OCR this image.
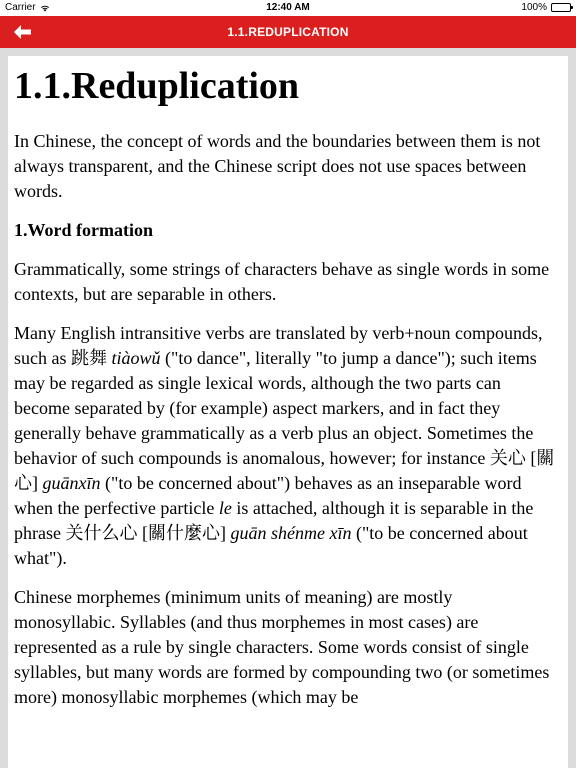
Carrier	12:40 AM	100%
1.1.REDUPLICATION
1.1.Reduplication

In Chinese, the concept of words and the boundaries between them is not always transparent, and the Chinese script does not use spaces between words.

1.Word formation

Grammatically, some strings of characters behave as single words in some contexts, but are separable in others.

Many English intransitive verbs are translated by verb+noun compounds, such as 跳舞 tiàowǔ ("to dance", literally "to jump a dance"); such items may be regarded as single lexical words, although the two parts can become separated by (for example) aspect markers, and in fact they generally behave grammatically as a verb plus an object. Sometimes the behavior of such compounds is anomalous, however; for instance 关心 [關心] guānxīn ("to be concerned about") behaves as an inseparable word when the perfective particle le is attached, although it is separable in the phrase 关什么心 [關什麼心] guān shénme xīn ("to be concerned about what").

Chinese morphemes (minimum units of meaning) are mostly monosyllabic. Syllables (and thus morphemes in most cases) are represented as a rule by single characters. Some words consist of single syllables, but many words are formed by compounding two (or sometimes more) monosyllabic morphemes (which may be
